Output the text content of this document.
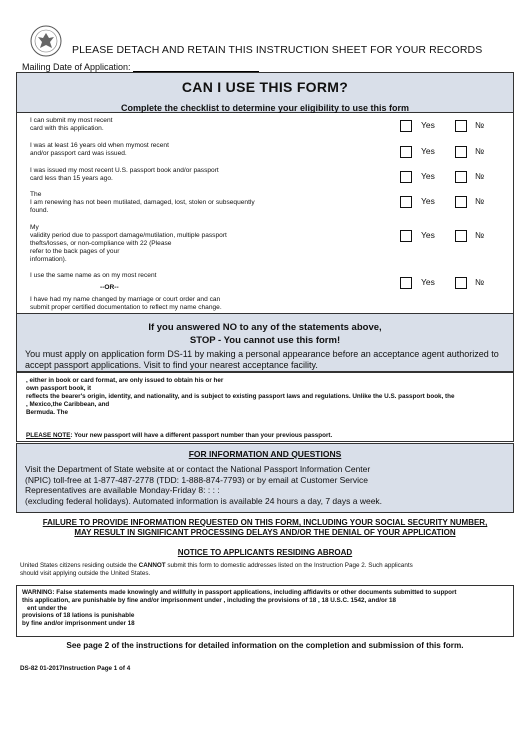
PLEASE DETACH AND RETAIN THIS INSTRUCTION SHEET FOR YOUR RECORDS
Mailing Date of Application:
CAN I USE THIS FORM?
Complete the checklist to determine your eligibility to use this form
I can submit my most recent
card with this application.	Yes	№
I was at least 16 years old when mymost recent
and/or passport card was issued.	Yes	№
I was issued my most recent U.S. passport book and/or passport
card less than 15 years ago.	Yes	№
The
I am renewing has not been mutilated, damaged, lost, stolen or subsequently
found.
Yes	№
My
validity period due to passport damage/mutilation, multiple passport
thefts/losses, or non-compliance with 22 (Please
refer to the back pages of your
information).
Yes	№
I use the same name as on my most recent
--OR--
I have had my name changed by marriage or court order and can
submit proper certified documentation to reflect my name change.
Yes	№
If you answered NO to any of the statements above,
STOP - You cannot use this form!
You must apply on application form DS-11 by making a personal appearance before an acceptance agent authorized to accept passport applications. Visit to find your nearest acceptance facility.
, either in book or card format, are only issued to obtain his or her
own passport book, it
reflects the bearer's origin, identity, and nationality, and is subject to existing passport laws and regulations. Unlike the U.S. passport book, the
, Mexico,the Caribbean, and
Bermuda. The
PLEASE NOTE: Your new passport will have a different passport number than your previous passport.
FOR INFORMATION AND QUESTIONS
Visit the Department of State website at or contact the National Passport Information Center
(NPIC) toll-free at 1-877-487-2778 (TDD: 1-888-874-7793) or by email at Customer Service
Representatives are available Monday-Friday 8: : : :
(excluding federal holidays). Automated information is available 24 hours a day, 7 days a week.
FAILURE TO PROVIDE INFORMATION REQUESTED ON THIS FORM, INCLUDING YOUR SOCIAL SECURITY NUMBER,
MAY RESULT IN SIGNIFICANT PROCESSING DELAYS AND/OR THE DENIAL OF YOUR APPLICATION
NOTICE TO APPLICANTS RESIDING ABROAD
United States citizens residing outside the CANNOT submit this form to domestic addresses listed on the Instruction Page 2. Such applicants
should visit applying outside the United States.
WARNING: False statements made knowingly and willfully in passport applications, including affidavits or other documents submitted to support
this application, are punishable by fine and/or imprisonment under , including the provisions of 18 , 18 U.S.C. 1542, and/or 18
ent under the
provisions of 18 lations is punishable
by fine and/or imprisonment under 18
See page 2 of the instructions for detailed information on the completion and submission of this form.
DS-82 01-2017Instruction Page 1 of 4
